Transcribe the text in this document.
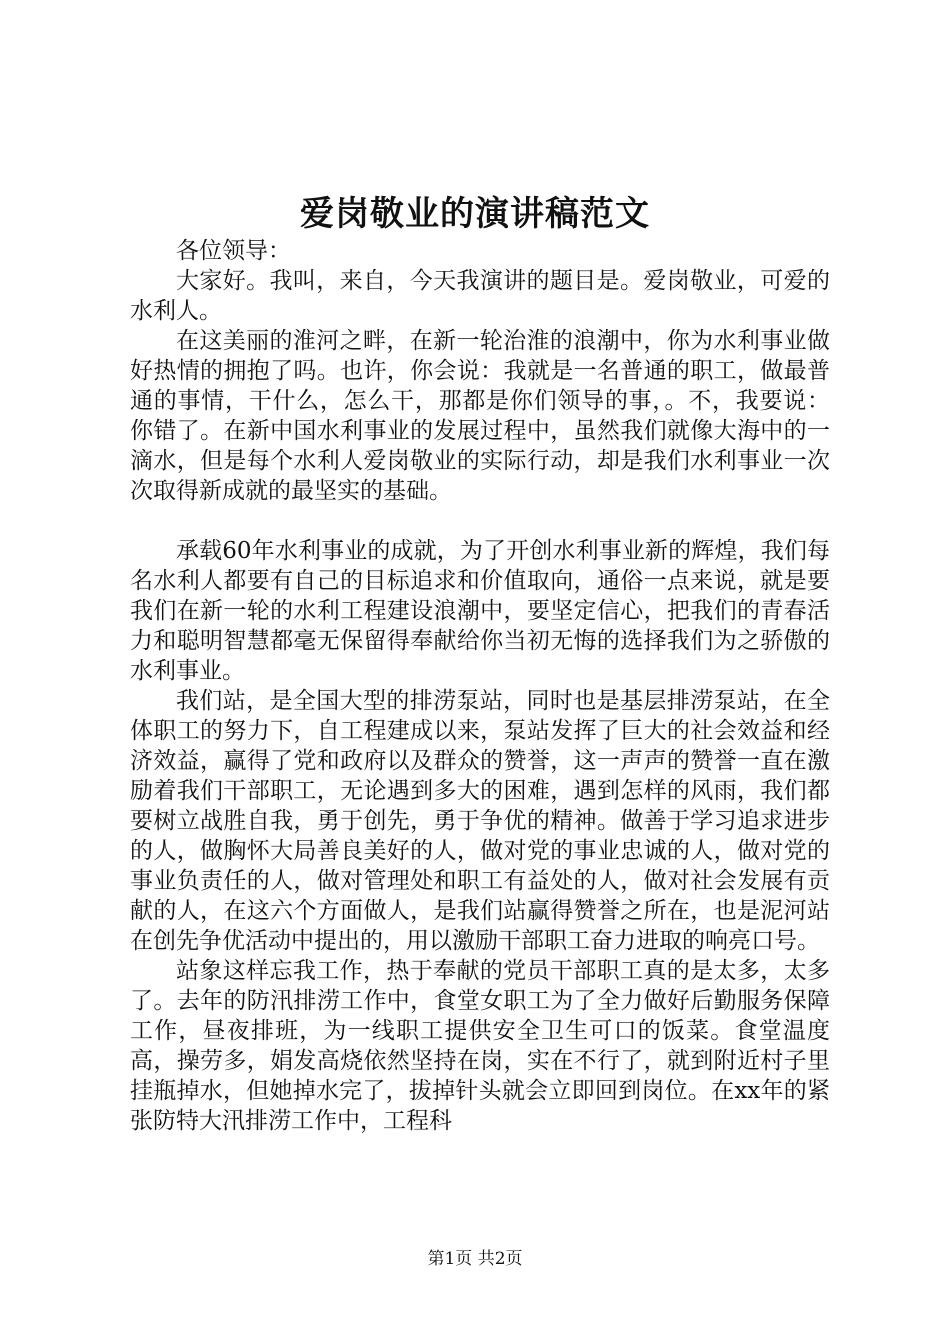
爱岗敬业的演讲稿范文

各位领导：

大家好。我叫，来自，今天我演讲的题目是。爱岗敬业，可爱的水利人。

在这美丽的淮河之畔，在新一轮治淮的浪潮中，你为水利事业做好热情的拥抱了吗。也许，你会说：我就是一名普通的职工，做最普通的事情，干什么，怎么干，那都是你们领导的事，。不，我要说：你错了。在新中国水利事业的发展过程中，虽然我们就像大海中的一滴水，但是每个水利人爱岗敬业的实际行动，却是我们水利事业一次次取得新成就的最坚实的基础。

承载60年水利事业的成就，为了开创水利事业新的辉煌，我们每名水利人都要有自己的目标追求和价值取向，通俗一点来说，就是要我们在新一轮的水利工程建设浪潮中，要坚定信心，把我们的青春活力和聪明智慧都毫无保留得奉献给你当初无悔的选择我们为之骄傲的水利事业。

我们站，是全国大型的排涝泵站，同时也是基层排涝泵站，在全体职工的努力下，自工程建成以来，泵站发挥了巨大的社会效益和经济效益，赢得了党和政府以及群众的赞誉，这一声声的赞誉一直在激励着我们干部职工，无论遇到多大的困难，遇到怎样的风雨，我们都要树立战胜自我，勇于创先，勇于争优的精神。做善于学习追求进步的人，做胸怀大局善良美好的人，做对党的事业忠诚的人，做对党的事业负责任的人，做对管理处和职工有益处的人，做对社会发展有贡献的人，在这六个方面做人，是我们站赢得赞誉之所在，也是泥河站在创先争优活动中提出的，用以激励干部职工奋力进取的响亮口号。

站象这样忘我工作，热于奉献的党员干部职工真的是太多，太多了。去年的防汛排涝工作中，食堂女职工为了全力做好后勤服务保障工作，昼夜排班，为一线职工提供安全卫生可口的饭菜。食堂温度高，操劳多，娟发高烧依然坚持在岗，实在不行了，就到附近村子里挂瓶掉水，但她掉水完了，拔掉针头就会立即回到岗位。在xx年的紧张防特大汛排涝工作中，工程科

第1页 共2页
